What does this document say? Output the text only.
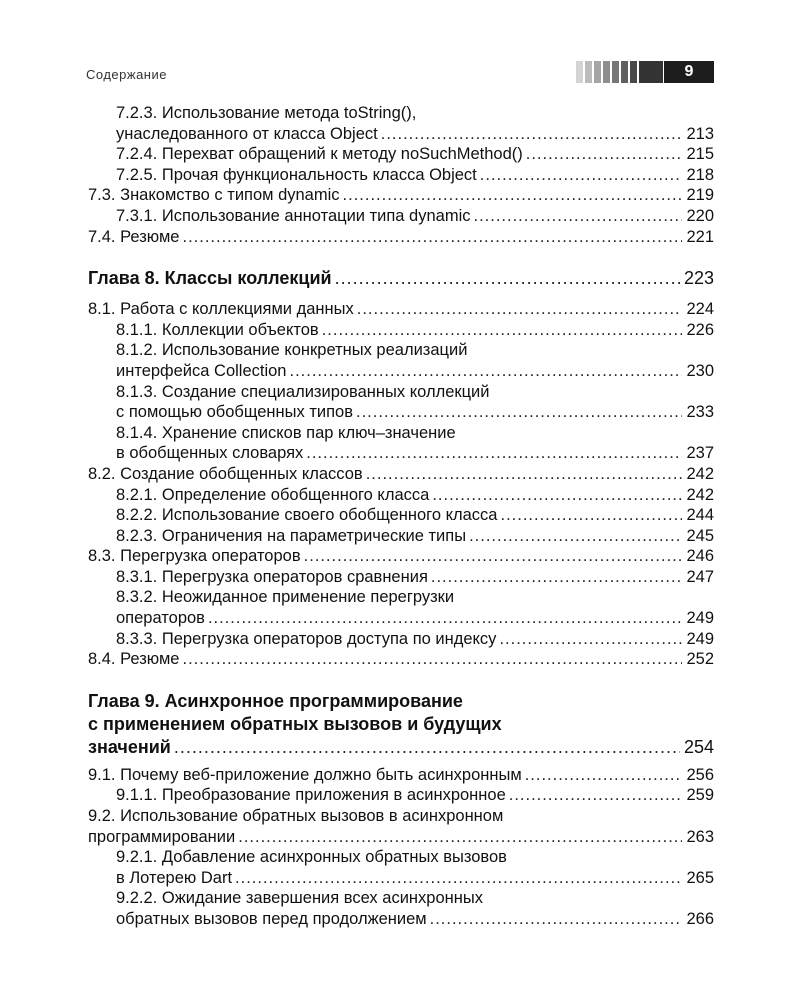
Содержание	9
7.2.3. Использование метода toString(),
унаследованного от класса Object .....	213
7.2.4. Перехват обращений к методу noSuchMethod() .....	215
7.2.5. Прочая функциональность класса Object .....	218
7.3. Знакомство с типом dynamic .....	219
7.3.1. Использование аннотации типа dynamic .....	220
7.4. Резюме .....	221
Глава 8. Классы коллекций .....	223
8.1. Работа с коллекциями данных .....	224
8.1.1. Коллекции объектов .....	226
8.1.2. Использование конкретных реализаций
интерфейса Collection .....	230
8.1.3. Создание специализированных коллекций
с помощью обобщенных типов .....	233
8.1.4. Хранение списков пар ключ–значение
в обобщенных словарях .....	237
8.2. Создание обобщенных классов .....	242
8.2.1. Определение обобщенного класса .....	242
8.2.2. Использование своего обобщенного класса .....	244
8.2.3. Ограничения на параметрические типы .....	245
8.3. Перегрузка операторов .....	246
8.3.1. Перегрузка операторов сравнения .....	247
8.3.2. Неожиданное применение перегрузки
операторов .....	249
8.3.3. Перегрузка операторов доступа по индексу .....	249
8.4. Резюме .....	252
Глава 9. Асинхронное программирование
с применением обратных вызовов и будущих
значений .....	254
9.1. Почему веб-приложение должно быть асинхронным .....	256
9.1.1. Преобразование приложения в асинхронное .....	259
9.2. Использование обратных вызовов в асинхронном
программировании .....	263
9.2.1. Добавление асинхронных обратных вызовов
в Лотерею Dart .....	265
9.2.2. Ожидание завершения всех асинхронных
обратных вызовов перед продолжением .....	266
